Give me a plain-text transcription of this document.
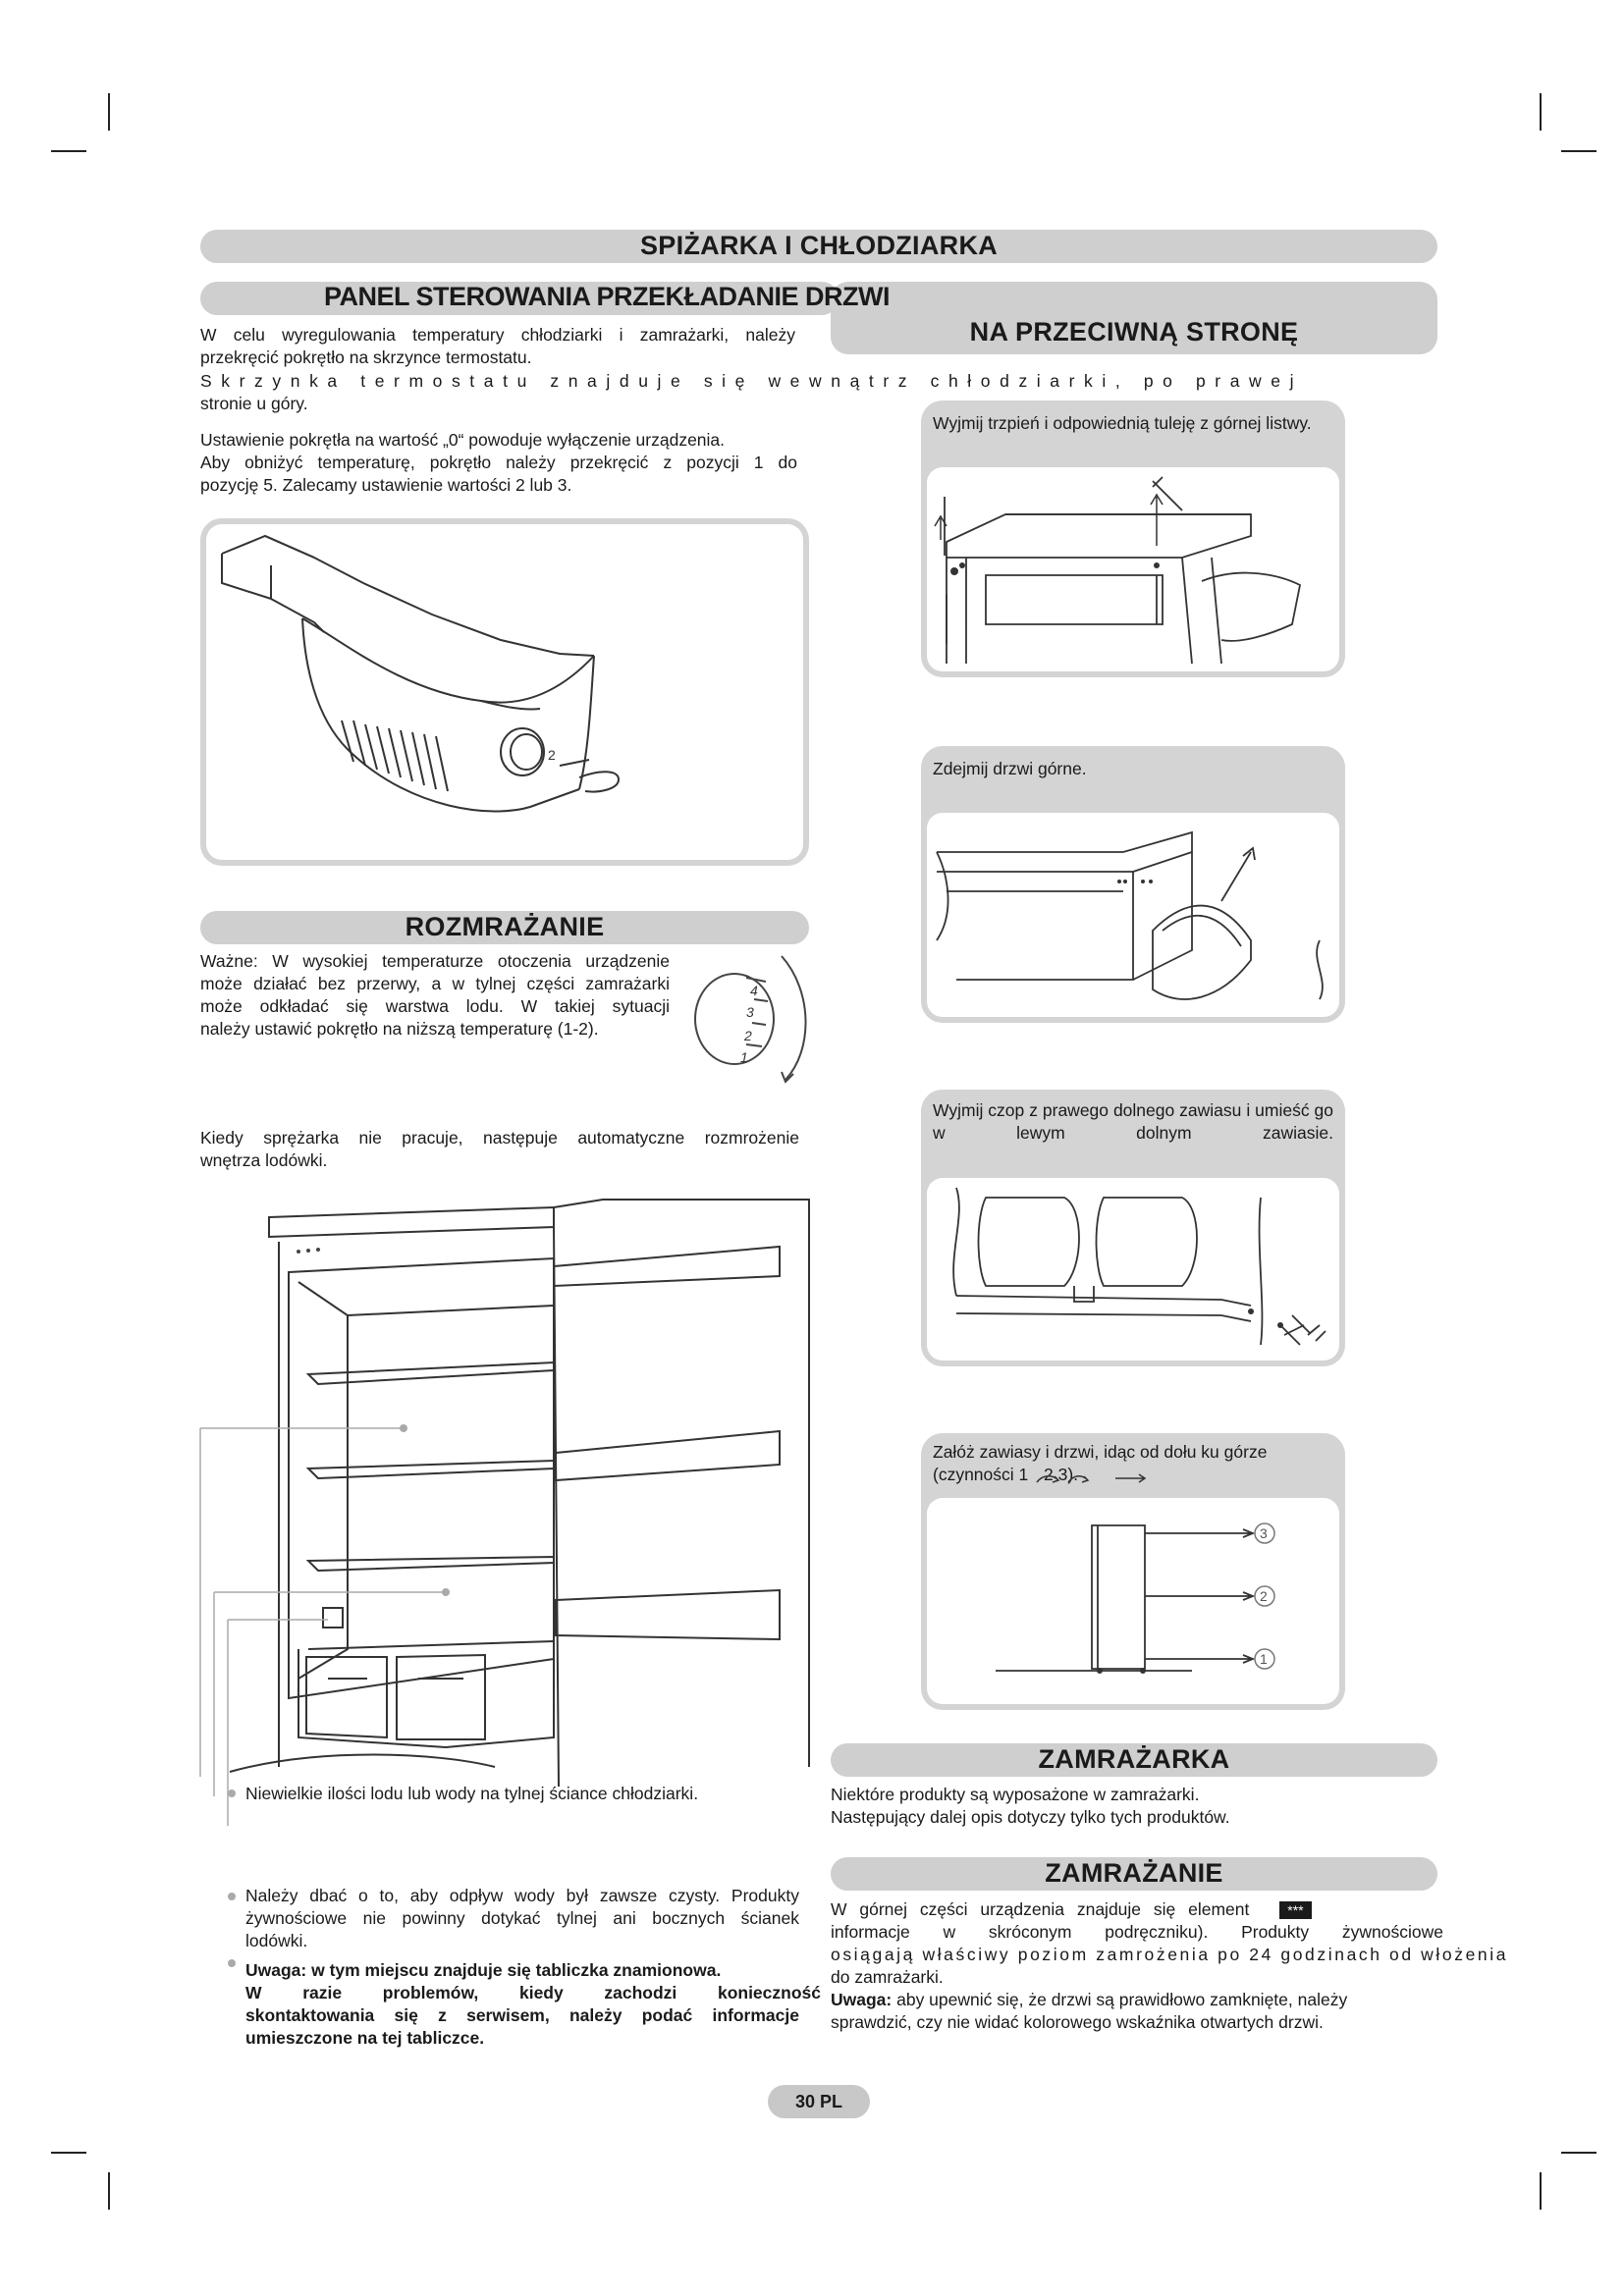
SPIŻARKA I CHŁODZIARKA
PANEL STEROWANIA PRZEKŁADANIE DRZWI
NA PRZECIWNĄ STRONĘ
W celu wyregulowania temperatury chłodziarki i zamrażarki, należy
przekręcić pokrętło na skrzynce termostatu.
Skrzynka termostatu znajduje się wewnątrz chłodziarki, po prawej
stronie u góry.
Ustawienie pokrętła na wartość „0“ powoduje wyłączenie urządzenia.
Aby obniżyć temperaturę, pokrętło należy przekręcić z pozycji 1 do
pozycję 5. Zalecamy ustawienie wartości 2 lub 3.
2
ROZMRAŻANIE
Ważne: W wysokiej temperaturze otoczenia urządzenie
może działać bez przerwy, a w tylnej części zamrażarki
może odkładać się warstwa lodu. W takiej sytuacji
należy ustawić pokrętło na niższą temperaturę (1-2).
4
3
2
1
Kiedy sprężarka nie pracuje, następuje automatyczne rozmrożenie
wnętrza lodówki.
Niewielkie ilości lodu lub wody na tylnej ściance chłodziarki.
Należy dbać o to, aby odpływ wody był zawsze czysty. Produkty
żywnościowe nie powinny dotykać tylnej ani bocznych ścianek
lodówki.
Uwaga: w tym miejscu znajduje się tabliczka znamionowa.
W razie problemów, kiedy zachodzi konieczność
skontaktowania się z serwisem, należy podać informacje
umieszczone na tej tabliczce.
Wyjmij trzpień i odpowiednią tuleję z górnej listwy.
Zdejmij drzwi górne.
Wyjmij czop z prawego dolnego zawiasu i umieść go w lewym dolnym zawiasie.
Załóż zawiasy i drzwi, idąc od dołu ku górze
(czynności 1 2 3).
3
2
1
ZAMRAŻARKA
Niektóre produkty są wyposażone w zamrażarki.
Następujący dalej opis dotyczy tylko tych produktów.
ZAMRAŻANIE
W górnej części urządzenia znajduje się element	***
informacje w skróconym podręczniku). Produkty żywnościowe
osiągają właściwy poziom zamrożenia po 24 godzinach od włożenia
do zamrażarki.
Uwaga: aby upewnić się, że drzwi są prawidłowo zamknięte, należy
sprawdzić, czy nie widać kolorowego wskaźnika otwartych drzwi.
30 PL
